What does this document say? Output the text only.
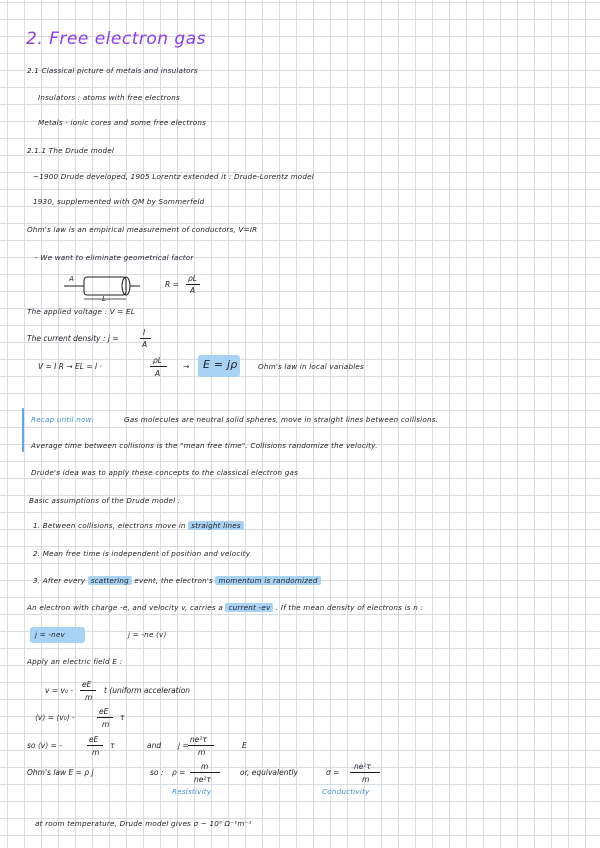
2. Free electron gas
2.1 Classical picture of metals and insulators
Insulators : atoms with free electrons
Metals - ionic cores and some free electrons
2.1.1 The Drude model
~1900 Drude developed, 1905 Lorentz extended it : Drude-Lorentz model
1930, supplemented with QM by Sommerfeld
Ohm's law is an empirical measurement of conductors, V=IR
- We want to eliminate geometrical factor
A
L
R =
ρL
A
The applied voltage : V = EL
The current density : j =
I
A
V = I R → EL = I ·
ρL
A
→ E = jρ	Ohm's law in local variables
Recap until now:	Gas molecules are neutral solid spheres, move in straight lines between collisions.
Average time between collisions is the "mean free time". Collisions randomize the velocity.
Drude's idea was to apply these concepts to the classical electron gas
Basic assumptions of the Drude model :
1. Between collisions, electrons move in straight lines
2. Mean free time is independent of position and velocity
3. After every scattering event, the electron's momentum is randomized
An electron with charge -e, and velocity v, carries a current -ev . If the mean density of electrons is n :
j = -nev	j = -ne ⟨v⟩
Apply an electric field E :
v = v₀ -
eE
m
t (uniform acceleration
⟨v⟩ = ⟨v₀⟩ -
eE
m
τ
so ⟨v⟩ = -
eE
m
τ	and j =
ne²τ
m
E
Ohm's law E = ρ j	so : ρ =
m
ne²τ
or, equivalently	σ =
ne²τ
m
Resistivity	Conductivity
at room temperature, Drude model gives σ ~ 10⁸ Ω⁻¹m⁻¹
